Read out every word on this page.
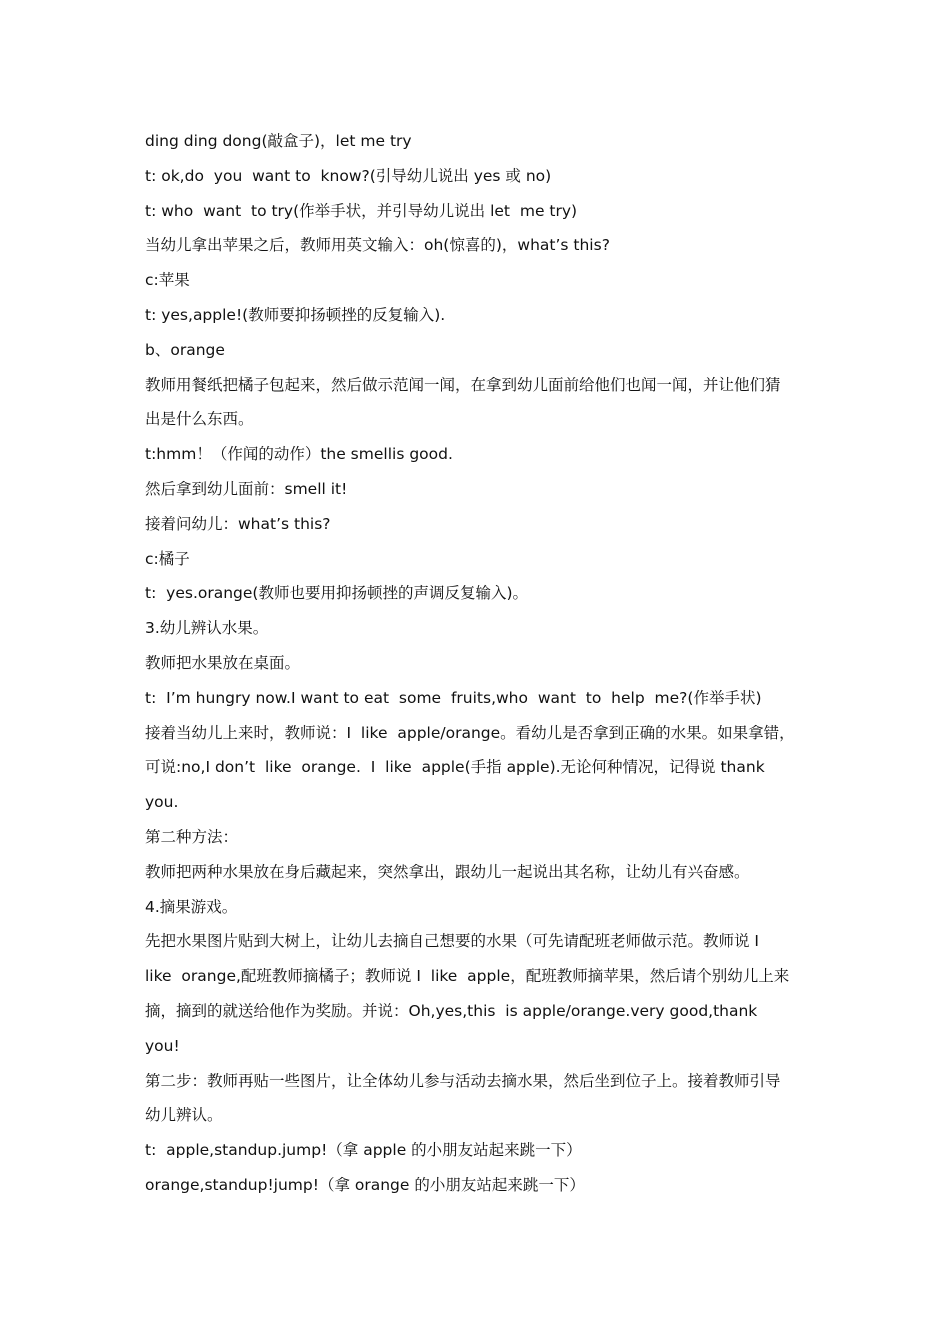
ding ding dong(敲盒子)，let me try
t: ok,do  you  want to  know?(引导幼儿说出 yes 或 no)
t: who  want  to try(作举手状，并引导幼儿说出 let  me try)
当幼儿拿出苹果之后，教师用英文输入：oh(惊喜的)，what’s this?
c:苹果
t: yes,apple!(教师要抑扬顿挫的反复输入).
b、orange
教师用餐纸把橘子包起来，然后做示范闻一闻，在拿到幼儿面前给他们也闻一闻，并让他们猜
出是什么东西。
t:hmm！（作闻的动作）the smellis good.
然后拿到幼儿面前：smell it!
接着问幼儿：what’s this?
c:橘子
t:  yes.orange(教师也要用抑扬顿挫的声调反复输入)。
3.幼儿辨认水果。
教师把水果放在桌面。
t:  I’m hungry now.I want to eat  some  fruits,who  want  to  help  me?(作举手状)
接着当幼儿上来时，教师说：I  like  apple/orange。看幼儿是否拿到正确的水果。如果拿错，
可说:no,I don’t  like  orange.  I  like  apple(手指 apple).无论何种情况，记得说 thank
you.
第二种方法：
教师把两种水果放在身后藏起来，突然拿出，跟幼儿一起说出其名称，让幼儿有兴奋感。
4.摘果游戏。
先把水果图片贴到大树上，让幼儿去摘自己想要的水果（可先请配班老师做示范。教师说 I
like  orange,配班教师摘橘子；教师说 I  like  apple，配班教师摘苹果，然后请个别幼儿上来
摘，摘到的就送给他作为奖励。并说：Oh,yes,this  is apple/orange.very good,thank
you!
第二步：教师再贴一些图片，让全体幼儿参与活动去摘水果，然后坐到位子上。接着教师引导
幼儿辨认。
t:  apple,standup.jump!（拿 apple 的小朋友站起来跳一下）
orange,standup!jump!（拿 orange 的小朋友站起来跳一下）
